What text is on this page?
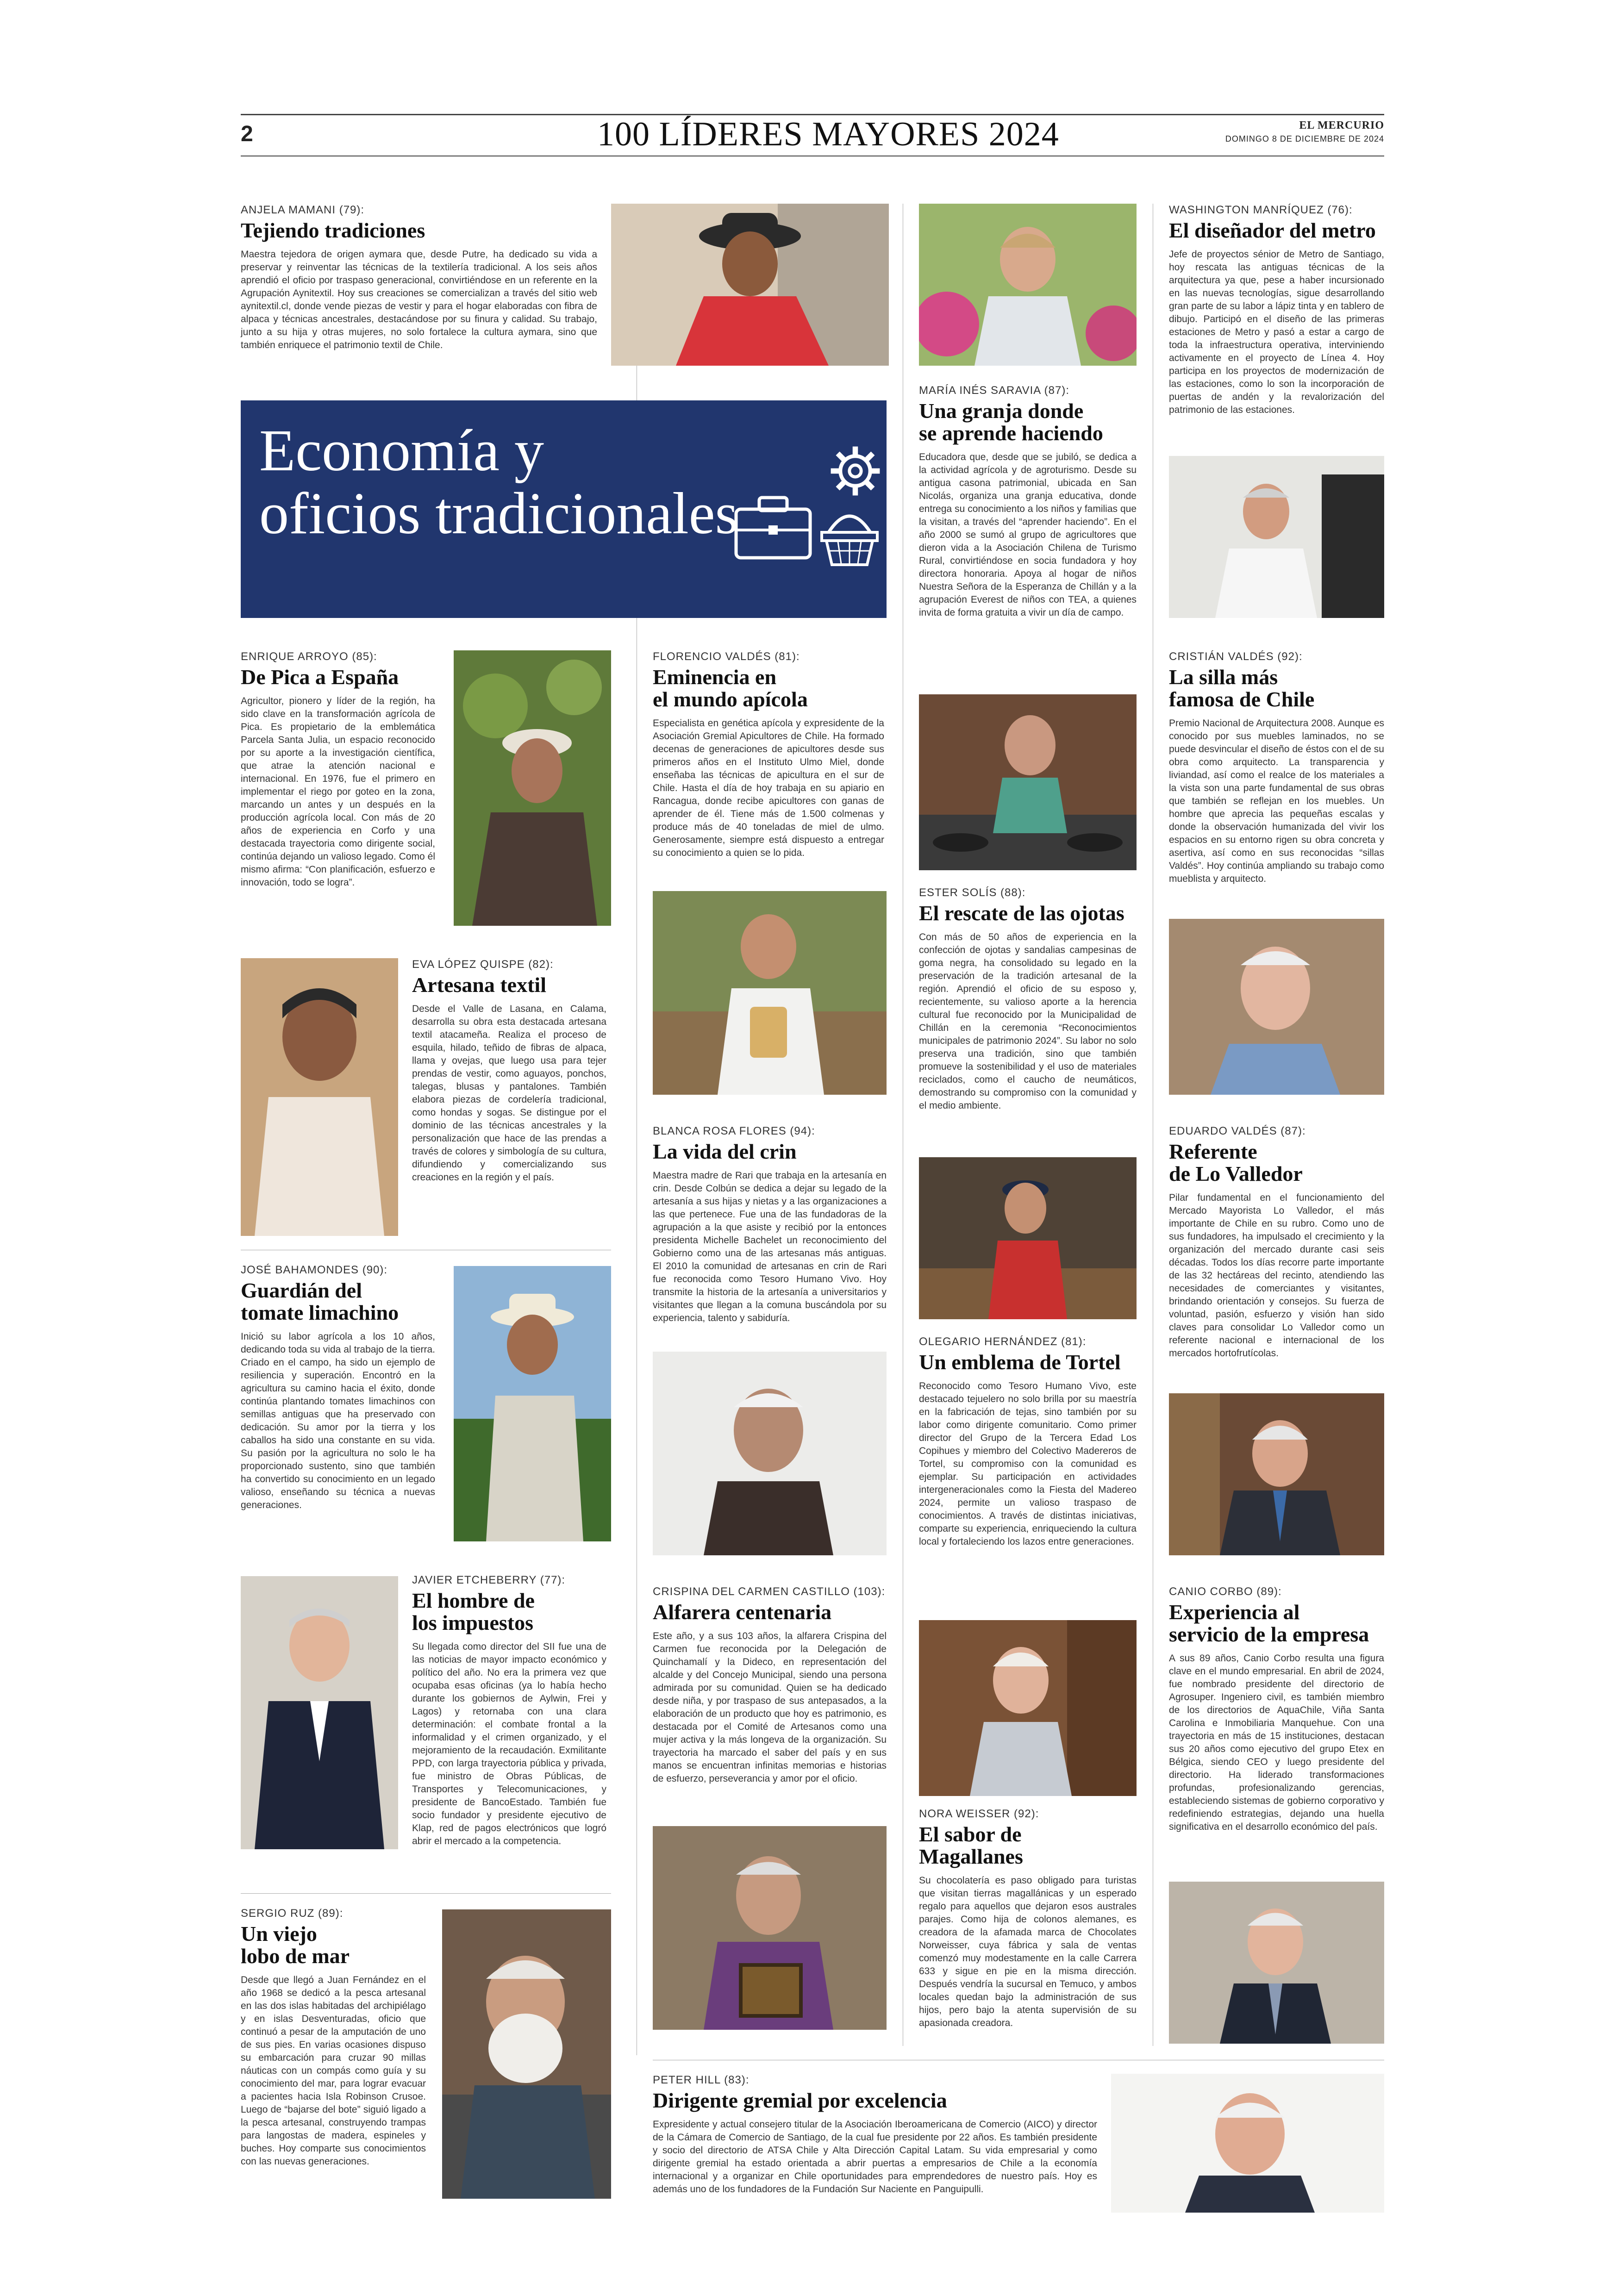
2	100 LÍDERES MAYORES 2024	EL MERCURIO
DOMINGO 8 DE DICIEMBRE DE 2024
ANJELA MAMANI (79):
Tejiendo tradiciones

Maestra tejedora de origen aymara que, desde Putre, ha dedicado su vida a preservar y reinventar las técnicas de la textilería tradicional. A los seis años aprendió el oficio por traspaso generacional, convirtiéndose en un referente en la Agrupación Aynitextil. Hoy sus creaciones se comercializan a través del sitio web aynitextil.cl, donde vende piezas de vestir y para el hogar elaboradas con fibra de alpaca y técnicas ancestrales, destacándose por su finura y calidad. Su trabajo, junto a su hija y otras mujeres, no solo fortalece la cultura aymara, sino que también enriquece el patrimonio textil de Chile.

Economía y
oficios tradicionales
ENRIQUE ARROYO (85):
De Pica a España

Agricultor, pionero y líder de la región, ha sido clave en la transformación agrícola de Pica. Es propietario de la emblemática Parcela Santa Julia, un espacio reconocido por su aporte a la investigación científica, que atrae la atención nacional e internacional. En 1976, fue el primero en implementar el riego por goteo en la zona, marcando un antes y un después en la producción agrícola local. Con más de 20 años de experiencia en Corfo y una destacada trayectoria como dirigente social, continúa dejando un valioso legado. Como él mismo afirma: “Con planificación, esfuerzo e innovación, todo se logra”.

EVA LÓPEZ QUISPE (82):
Artesana textil

Desde el Valle de Lasana, en Calama, desarrolla su obra esta destacada artesana textil atacameña. Realiza el proceso de esquila, hilado, teñido de fibras de alpaca, llama y ovejas, que luego usa para tejer prendas de vestir, como aguayos, ponchos, talegas, blusas y pantalones. También elabora piezas de cordelería tradicional, como hondas y sogas. Se distingue por el dominio de las técnicas ancestrales y la personalización que hace de las prendas a través de colores y simbología de su cultura, difundiendo y comercializando sus creaciones en la región y el país.

JOSÉ BAHAMONDES (90):
Guardián del
tomate limachino

Inició su labor agrícola a los 10 años, dedicando toda su vida al trabajo de la tierra. Criado en el campo, ha sido un ejemplo de resiliencia y superación. Encontró en la agricultura su camino hacia el éxito, donde continúa plantando tomates limachinos con semillas antiguas que ha preservado con dedicación. Su amor por la tierra y los caballos ha sido una constante en su vida. Su pasión por la agricultura no solo le ha proporcionado sustento, sino que también ha convertido su conocimiento en un legado valioso, enseñando su técnica a nuevas generaciones.

JAVIER ETCHEBERRY (77):
El hombre de
los impuestos

Su llegada como director del SII fue una de las noticias de mayor impacto económico y político del año. No era la primera vez que ocupaba esas oficinas (ya lo había hecho durante los gobiernos de Aylwin, Frei y Lagos) y retornaba con una clara determinación: el combate frontal a la informalidad y el crimen organizado, y el mejoramiento de la recaudación. Exmilitante PPD, con larga trayectoria pública y privada, fue ministro de Obras Públicas, de Transportes y Telecomunicaciones, y presidente de BancoEstado. También fue socio fundador y presidente ejecutivo de Klap, red de pagos electrónicos que logró abrir el mercado a la competencia.

SERGIO RUZ (89):
Un viejo
lobo de mar

Desde que llegó a Juan Fernández en el año 1968 se dedicó a la pesca artesanal en las dos islas habitadas del archipiélago y en islas Desventuradas, oficio que continuó a pesar de la amputación de uno de sus pies. En varias ocasiones dispuso su embarcación para cruzar 90 millas náuticas con un compás como guía y su conocimiento del mar, para lograr evacuar a pacientes hacia Isla Robinson Crusoe. Luego de “bajarse del bote” siguió ligado a la pesca artesanal, construyendo trampas para langostas de madera, espineles y buches. Hoy comparte sus conocimientos con las nuevas generaciones.

MARÍA INÉS SARAVIA (87):
Una granja donde
se aprende haciendo

Educadora que, desde que se jubiló, se dedica a la actividad agrícola y de agroturismo. Desde su antigua casona patrimonial, ubicada en San Nicolás, organiza una granja educativa, donde entrega su conocimiento a los niños y familias que la visitan, a través del “aprender haciendo”. En el año 2000 se sumó al grupo de agricultores que dieron vida a la Asociación Chilena de Turismo Rural, convirtiéndose en socia fundadora y hoy directora honoraria. Apoya al hogar de niños Nuestra Señora de la Esperanza de Chillán y a la agrupación Everest de niños con TEA, a quienes invita de forma gratuita a vivir un día de campo.

FLORENCIO VALDÉS (81):
Eminencia en
el mundo apícola

Especialista en genética apícola y expresidente de la Asociación Gremial Apicultores de Chile. Ha formado decenas de generaciones de apicultores desde sus primeros años en el Instituto Ulmo Miel, donde enseñaba las técnicas de apicultura en el sur de Chile. Hasta el día de hoy trabaja en su apiario en Rancagua, donde recibe apicultores con ganas de aprender de él. Tiene más de 1.500 colmenas y produce más de 40 toneladas de miel de ulmo. Generosamente, siempre está dispuesto a entregar su conocimiento a quien se lo pida.

ESTER SOLÍS (88):
El rescate de las ojotas

Con más de 50 años de experiencia en la confección de ojotas y sandalias campesinas de goma negra, ha consolidado su legado en la preservación de la tradición artesanal de la región. Aprendió el oficio de su esposo y, recientemente, su valioso aporte a la herencia cultural fue reconocido por la Municipalidad de Chillán en la ceremonia “Reconocimientos municipales de patrimonio 2024”. Su labor no solo preserva una tradición, sino que también promueve la sostenibilidad y el uso de materiales reciclados, como el caucho de neumáticos, demostrando su compromiso con la comunidad y el medio ambiente.

BLANCA ROSA FLORES (94):
La vida del crin

Maestra madre de Rari que trabaja en la artesanía en crin. Desde Colbún se dedica a dejar su legado de la artesanía a sus hijas y nietas y a las organizaciones a las que pertenece. Fue una de las fundadoras de la agrupación a la que asiste y recibió por la entonces presidenta Michelle Bachelet un reconocimiento del Gobierno como una de las artesanas más antiguas. El 2010 la comunidad de artesanas en crin de Rari fue reconocida como Tesoro Humano Vivo. Hoy transmite la historia de la artesanía a universitarios y visitantes que llegan a la comuna buscándola por su experiencia, talento y sabiduría.

OLEGARIO HERNÁNDEZ (81):
Un emblema de Tortel

Reconocido como Tesoro Humano Vivo, este destacado tejuelero no solo brilla por su maestría en la fabricación de tejas, sino también por su labor como dirigente comunitario. Como primer director del Grupo de la Tercera Edad Los Copihues y miembro del Colectivo Madereros de Tortel, su compromiso con la comunidad es ejemplar. Su participación en actividades intergeneracionales como la Fiesta del Madereo 2024, permite un valioso traspaso de conocimientos. A través de distintas iniciativas, comparte su experiencia, enriqueciendo la cultura local y fortaleciendo los lazos entre generaciones.

CRISPINA DEL CARMEN CASTILLO (103):
Alfarera centenaria

Este año, y a sus 103 años, la alfarera Crispina del Carmen fue reconocida por la Delegación de Quinchamalí y la Dideco, en representación del alcalde y del Concejo Municipal, siendo una persona admirada por su comunidad. Quien se ha dedicado desde niña, y por traspaso de sus antepasados, a la elaboración de un producto que hoy es patrimonio, es destacada por el Comité de Artesanos como una mujer activa y la más longeva de la organización. Su trayectoria ha marcado el saber del país y en sus manos se encuentran infinitas memorias e historias de esfuerzo, perseverancia y amor por el oficio.

NORA WEISSER (92):
El sabor de
Magallanes

Su chocolatería es paso obligado para turistas que visitan tierras magallánicas y un esperado regalo para aquellos que dejaron esos australes parajes. Como hija de colonos alemanes, es creadora de la afamada marca de Chocolates Norweisser, cuya fábrica y sala de ventas comenzó muy modestamente en la calle Carrera 633 y sigue en pie en la misma dirección. Después vendría la sucursal en Temuco, y ambos locales quedan bajo la administración de sus hijos, pero bajo la atenta supervisión de su apasionada creadora.

WASHINGTON MANRÍQUEZ (76):
El diseñador del metro

Jefe de proyectos sénior de Metro de Santiago, hoy rescata las antiguas técnicas de la arquitectura ya que, pese a haber incursionado en las nuevas tecnologías, sigue desarrollando gran parte de su labor a lápiz tinta y en tablero de dibujo. Participó en el diseño de las primeras estaciones de Metro y pasó a estar a cargo de toda la infraestructura operativa, interviniendo activamente en el proyecto de Línea 4. Hoy participa en los proyectos de modernización de las estaciones, como lo son la incorporación de puertas de andén y la revalorización del patrimonio de las estaciones.

CRISTIÁN VALDÉS (92):
La silla más
famosa de Chile

Premio Nacional de Arquitectura 2008. Aunque es conocido por sus muebles laminados, no se puede desvincular el diseño de éstos con el de su obra como arquitecto. La transparencia y liviandad, así como el realce de los materiales a la vista son una parte fundamental de sus obras que también se reflejan en los muebles. Un hombre que aprecia las pequeñas escalas y donde la observación humanizada del vivir los espacios en su entorno rigen su obra concreta y asertiva, así como en sus reconocidas “sillas Valdés”. Hoy continúa ampliando su trabajo como mueblista y arquitecto.

EDUARDO VALDÉS (87):
Referente
de Lo Valledor

Pilar fundamental en el funcionamiento del Mercado Mayorista Lo Valledor, el más importante de Chile en su rubro. Como uno de sus fundadores, ha impulsado el crecimiento y la organización del mercado durante casi seis décadas. Todos los días recorre parte importante de las 32 hectáreas del recinto, atendiendo las necesidades de comerciantes y visitantes, brindando orientación y consejos. Su fuerza de voluntad, pasión, esfuerzo y visión han sido claves para consolidar Lo Valledor como un referente nacional e internacional de los mercados hortofrutícolas.

CANIO CORBO (89):
Experiencia al
servicio de la empresa

A sus 89 años, Canio Corbo resulta una figura clave en el mundo empresarial. En abril de 2024, fue nombrado presidente del directorio de Agrosuper. Ingeniero civil, es también miembro de los directorios de AquaChile, Viña Santa Carolina e Inmobiliaria Manquehue. Con una trayectoria en más de 15 instituciones, destacan sus 20 años como ejecutivo del grupo Etex en Bélgica, siendo CEO y luego presidente del directorio. Ha liderado transformaciones profundas, profesionalizando gerencias, estableciendo sistemas de gobierno corporativo y redefiniendo estrategias, dejando una huella significativa en el desarrollo económico del país.

PETER HILL (83):
Dirigente gremial por excelencia

Expresidente y actual consejero titular de la Asociación Iberoamericana de Comercio (AICO) y director de la Cámara de Comercio de Santiago, de la cual fue presidente por 22 años. Es también presidente y socio del directorio de ATSA Chile y Alta Dirección Capital Latam. Su vida empresarial y como dirigente gremial ha estado orientada a abrir puertas a empresarios de Chile a la economía internacional y a organizar en Chile oportunidades para emprendedores de nuestro país. Hoy es además uno de los fundadores de la Fundación Sur Naciente en Panguipulli.
